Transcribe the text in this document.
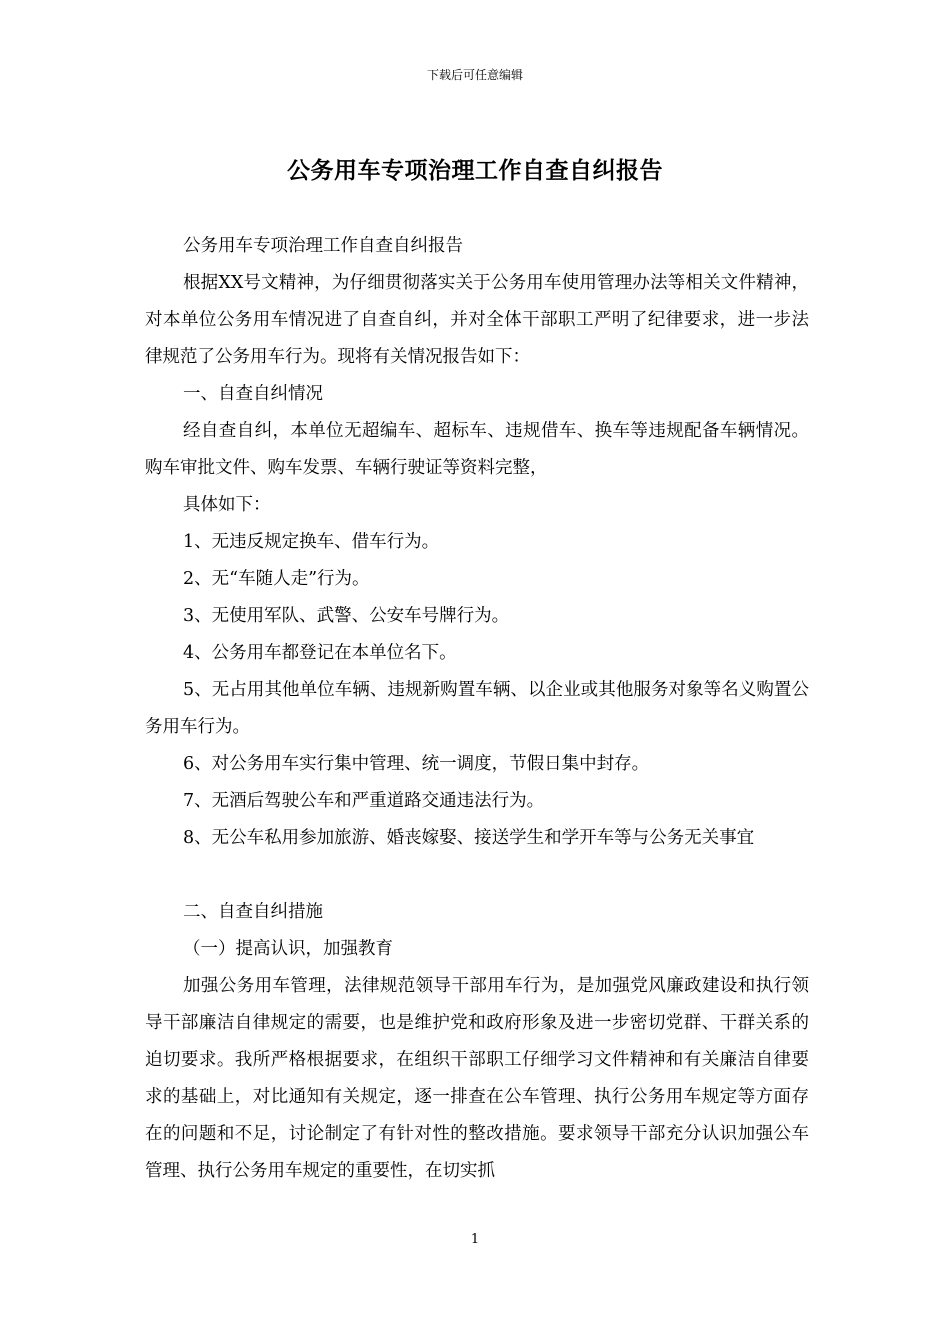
下载后可任意编辑
公务用车专项治理工作自查自纠报告

公务用车专项治理工作自查自纠报告

根据XX号文精神，为仔细贯彻落实关于公务用车使用管理办法等相关文件精神，对本单位公务用车情况进了自查自纠，并对全体干部职工严明了纪律要求，进一步法律规范了公务用车行为。现将有关情况报告如下：

一、自查自纠情况

经自查自纠，本单位无超编车、超标车、违规借车、换车等违规配备车辆情况。购车审批文件、购车发票、车辆行驶证等资料完整，

具体如下：

1、无违反规定换车、借车行为。

2、无“车随人走”行为。

3、无使用军队、武警、公安车号牌行为。

4、公务用车都登记在本单位名下。

5、无占用其他单位车辆、违规新购置车辆、以企业或其他服务对象等名义购置公务用车行为。

6、对公务用车实行集中管理、统一调度，节假日集中封存。

7、无酒后驾驶公车和严重道路交通违法行为。

8、无公车私用参加旅游、婚丧嫁娶、接送学生和学开车等与公务无关事宜

二、自查自纠措施

（一）提高认识，加强教育

加强公务用车管理，法律规范领导干部用车行为，是加强党风廉政建设和执行领导干部廉洁自律规定的需要，也是维护党和政府形象及进一步密切党群、干群关系的迫切要求。我所严格根据要求，在组织干部职工仔细学习文件精神和有关廉洁自律要求的基础上，对比通知有关规定，逐一排查在公车管理、执行公务用车规定等方面存在的问题和不足，讨论制定了有针对性的整改措施。要求领导干部充分认识加强公车管理、执行公务用车规定的重要性，在切实抓

1
